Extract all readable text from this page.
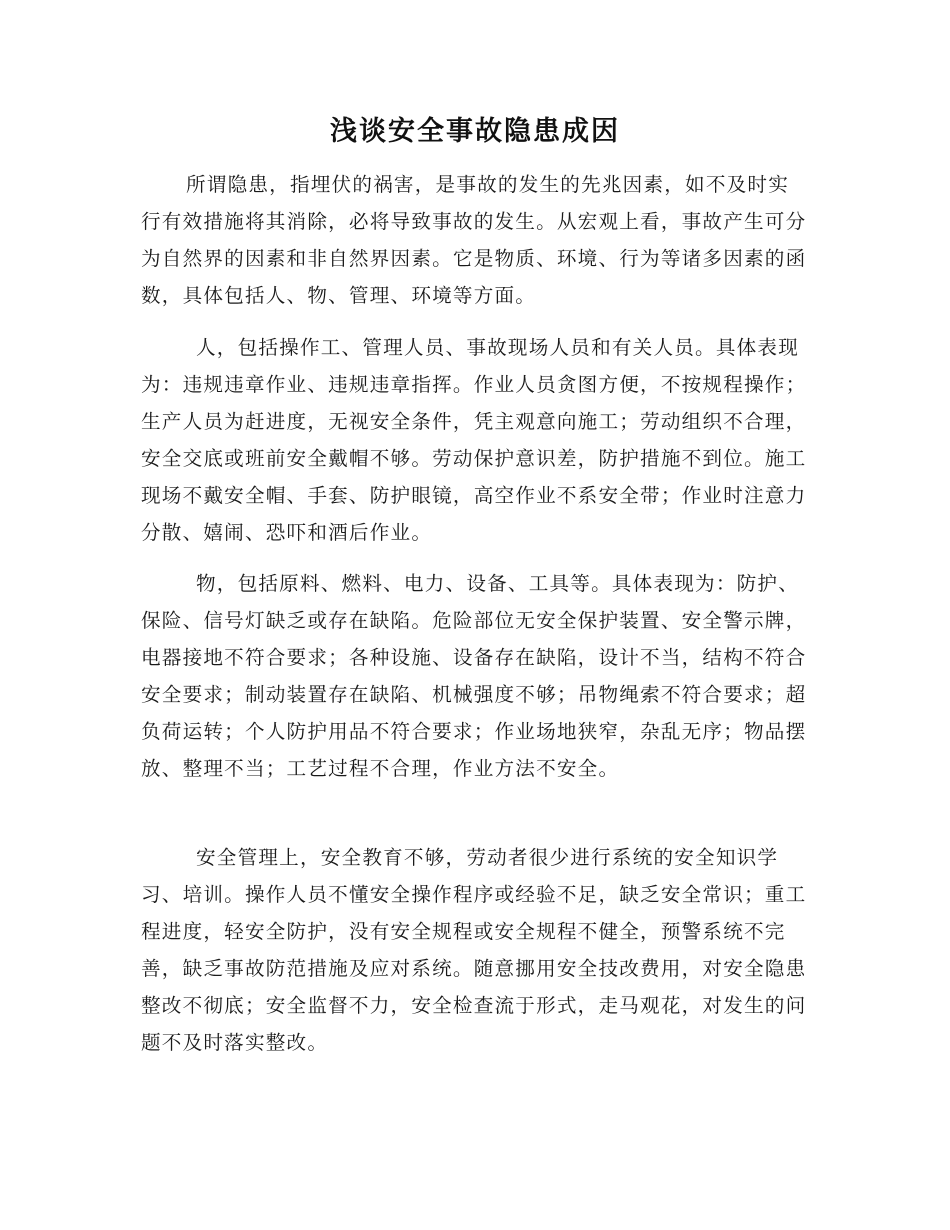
浅谈安全事故隐患成因

所谓隐患，指埋伏的祸害，是事故的发生的先兆因素，如不及时实行有效措施将其消除，必将导致事故的发生。从宏观上看，事故产生可分为自然界的因素和非自然界因素。它是物质、环境、行为等诸多因素的函数，具体包括人、物、管理、环境等方面。

人，包括操作工、管理人员、事故现场人员和有关人员。具体表现为：违规违章作业、违规违章指挥。作业人员贪图方便，不按规程操作；生产人员为赶进度，无视安全条件，凭主观意向施工；劳动组织不合理，安全交底或班前安全戴帽不够。劳动保护意识差，防护措施不到位。施工现场不戴安全帽、手套、防护眼镜，高空作业不系安全带；作业时注意力分散、嬉闹、恐吓和酒后作业。

物，包括原料、燃料、电力、设备、工具等。具体表现为：防护、保险、信号灯缺乏或存在缺陷。危险部位无安全保护装置、安全警示牌，电器接地不符合要求；各种设施、设备存在缺陷，设计不当，结构不符合安全要求；制动装置存在缺陷、机械强度不够；吊物绳索不符合要求；超负荷运转；个人防护用品不符合要求；作业场地狭窄，杂乱无序；物品摆放、整理不当；工艺过程不合理，作业方法不安全。

安全管理上，安全教育不够，劳动者很少进行系统的安全知识学习、培训。操作人员不懂安全操作程序或经验不足，缺乏安全常识；重工程进度，轻安全防护，没有安全规程或安全规程不健全，预警系统不完善，缺乏事故防范措施及应对系统。随意挪用安全技改费用，对安全隐患整改不彻底；安全监督不力，安全检查流于形式，走马观花，对发生的问题不及时落实整改。
